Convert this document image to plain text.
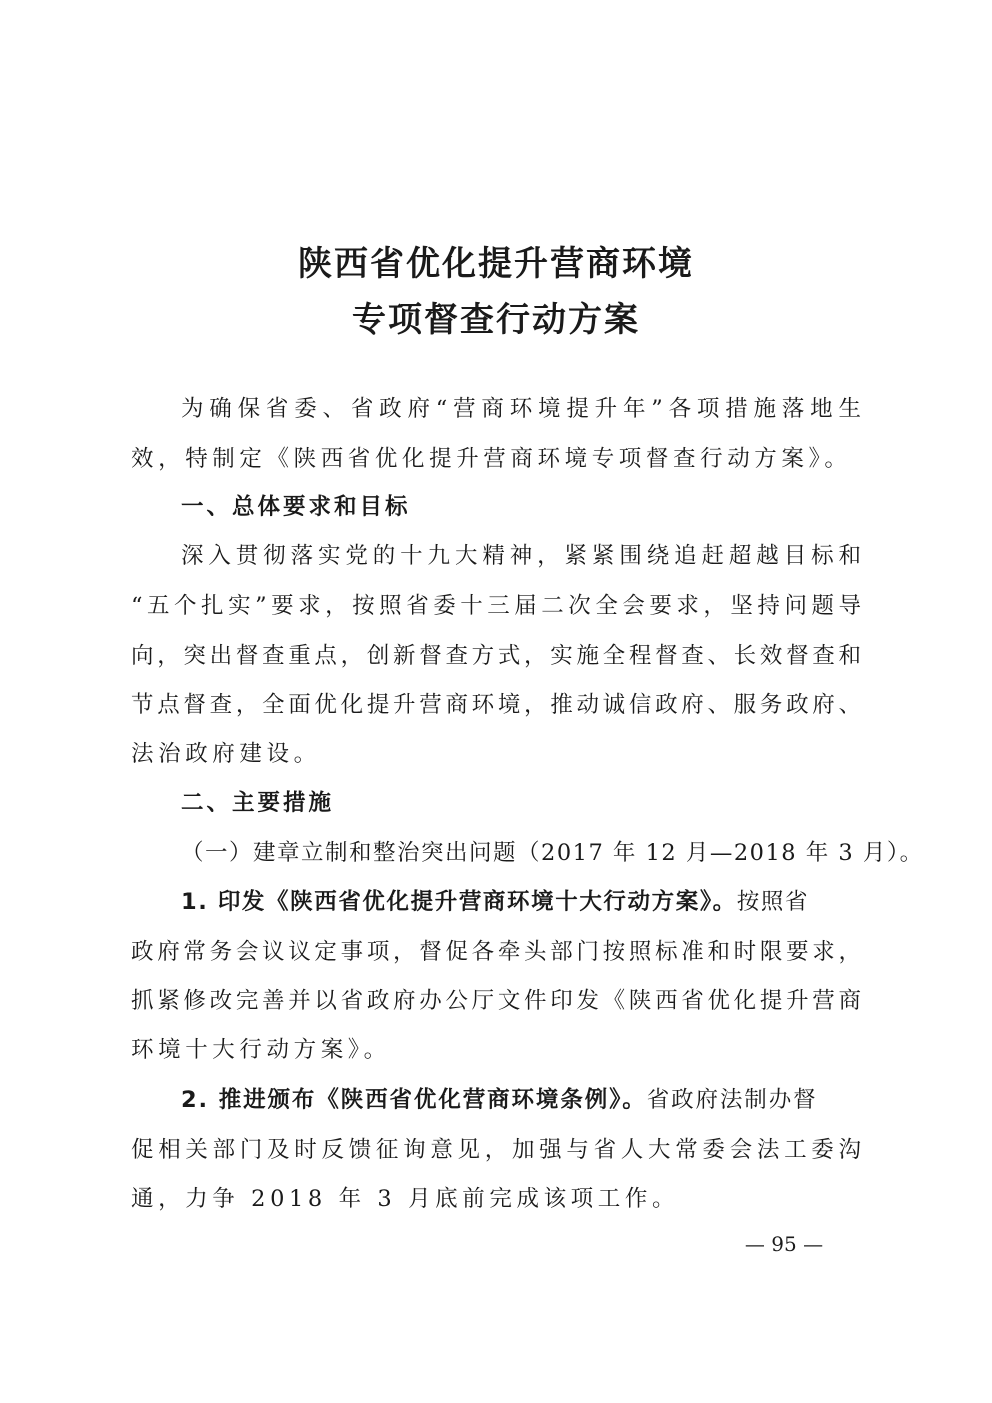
陕西省优化提升营商环境
专项督查行动方案
为确保省委、省政府“营商环境提升年”各项措施落地生
效，特制定《陕西省优化提升营商环境专项督查行动方案》。
一、总体要求和目标
深入贯彻落实党的十九大精神，紧紧围绕追赶超越目标和
“五个扎实”要求，按照省委十三届二次全会要求，坚持问题导
向，突出督查重点，创新督查方式，实施全程督查、长效督查和
节点督查，全面优化提升营商环境，推动诚信政府、服务政府、
法治政府建设。
二、主要措施
（一）建章立制和整治突出问题（2017 年 12 月—2018 年 3 月）。
1. 印发《陕西省优化提升营商环境十大行动方案》。按照省
政府常务会议议定事项，督促各牵头部门按照标准和时限要求，
抓紧修改完善并以省政府办公厅文件印发《陕西省优化提升营商
环境十大行动方案》。
2. 推进颁布《陕西省优化营商环境条例》。省政府法制办督
促相关部门及时反馈征询意见，加强与省人大常委会法工委沟
通，力争 2018 年 3 月底前完成该项工作。
— 95 —
